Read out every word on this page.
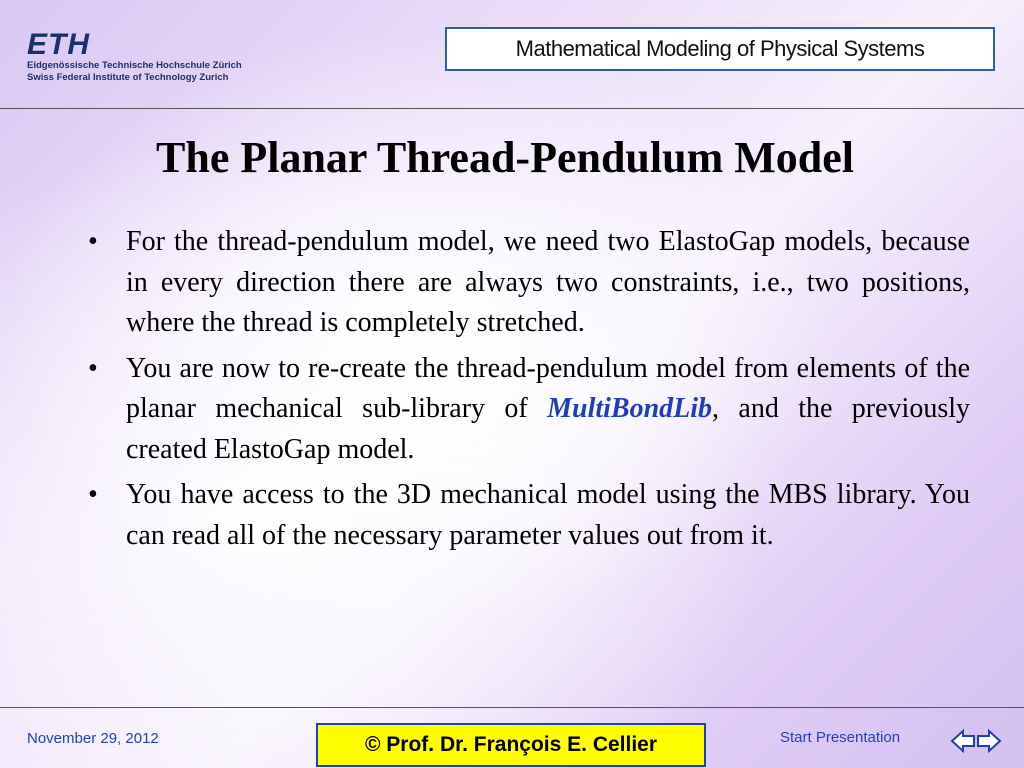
ETH
Eidgenössische Technische Hochschule Zürich
Swiss Federal Institute of Technology Zurich
Mathematical Modeling of Physical Systems
The Planar Thread-Pendulum Model
• For the thread-pendulum model, we need two ElastoGap models, because in every direction there are always two constraints, i.e., two positions, where the thread is completely stretched.
• You are now to re-create the thread-pendulum model from elements of the planar mechanical sub-library of MultiBondLib, and the previously created ElastoGap model.
• You have access to the 3D mechanical model using the MBS library. You can read all of the necessary parameter values out from it.
November 29, 2012	© Prof. Dr. François E. Cellier	Start Presentation
